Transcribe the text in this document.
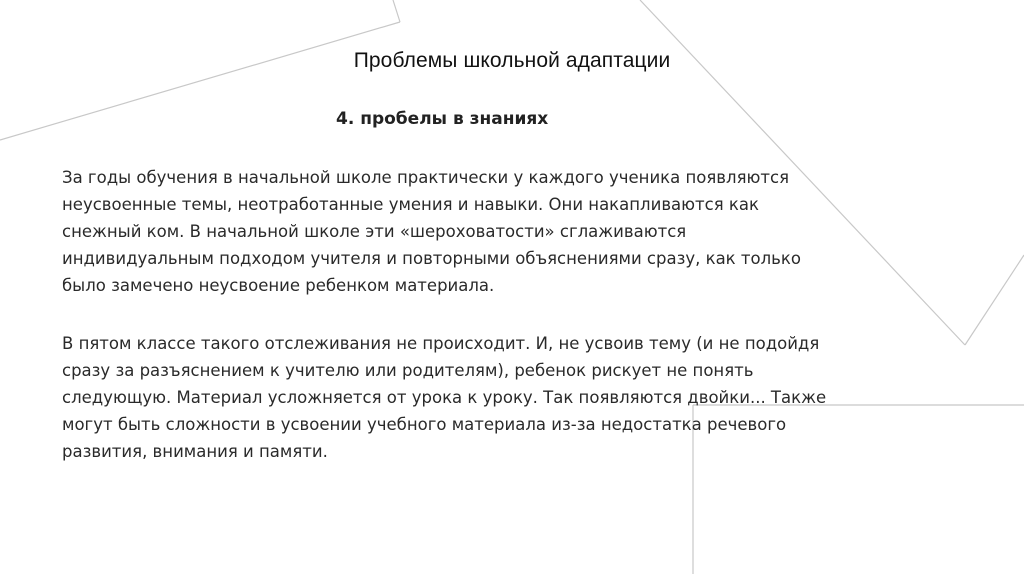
Проблемы школьной адаптации
4. пробелы в знаниях
За годы обучения в начальной школе практически у каждого ученика появляются
неусвоенные темы, неотработанные умения и навыки. Они накапливаются как
снежный ком. В начальной школе эти «шероховатости» сглаживаются
индивидуальным подходом учителя и повторными объяснениями сразу, как только
было замечено неусвоение ребенком материала.
В пятом классе такого отслеживания не происходит. И, не усвоив тему (и не подойдя
сразу за разъяснением к учителю или родителям), ребенок рискует не понять
следующую. Материал усложняется от урока к уроку. Так появляются двойки... Также
могут быть сложности в усвоении учебного материала из-за недостатка речевого
развития, внимания и памяти.
